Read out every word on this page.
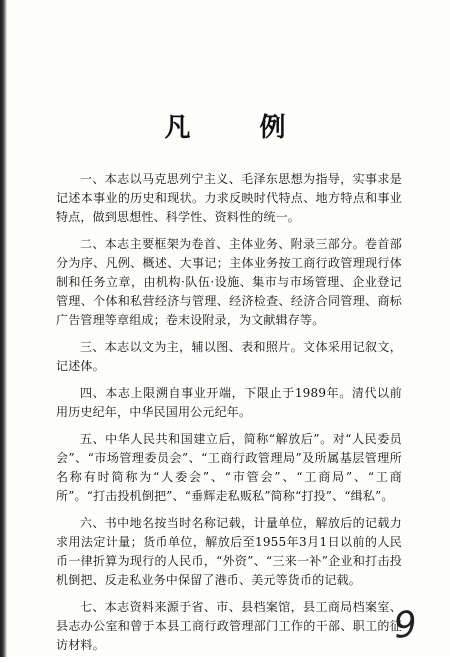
凡 例

一、本志以马克思列宁主义、毛泽东思想为指导，实事求是记述本事业的历史和现状。力求反映时代特点、地方特点和事业特点，做到思想性、科学性、资料性的统一。

二、本志主要框架为卷首、主体业务、附录三部分。卷首部分为序、凡例、概述、大事记；主体业务按工商行政管理现行体制和任务立章，由机构·队伍·设施、集市与市场管理、企业登记管理、个体和私营经济与管理、经济检查、经济合同管理、商标广告管理等章组成；卷末设附录，为文献辑存等。

三、本志以文为主，辅以图、表和照片。文体采用记叙文，记述体。

四、本志上限溯自事业开端，下限止于1989年。清代以前用历史纪年，中华民国用公元纪年。

五、中华人民共和国建立后，简称“解放后”。对“人民委员会”、“市场管理委员会”、“工商行政管理局”及所属基层管理所名称有时简称为“人委会”、“市管会”、“工商局”、“工商所”。“打击投机倒把”、“垂辉走私贩私”简称“打投”、“缉私”。

六、书中地名按当时名称记载，计量单位，解放后的记载力求用法定计量；货币单位，解放后至1955年3月1日以前的人民币一律折算为现行的人民币，“外资”、“三来一补”企业和打击投机倒把、反走私业务中保留了港币、美元等货币的记载。

七、本志资料来源于省、市、县档案馆，县工商局档案室、县志办公室和曾于本县工商行政管理部门工作的干部、职工的征访材料。	9
